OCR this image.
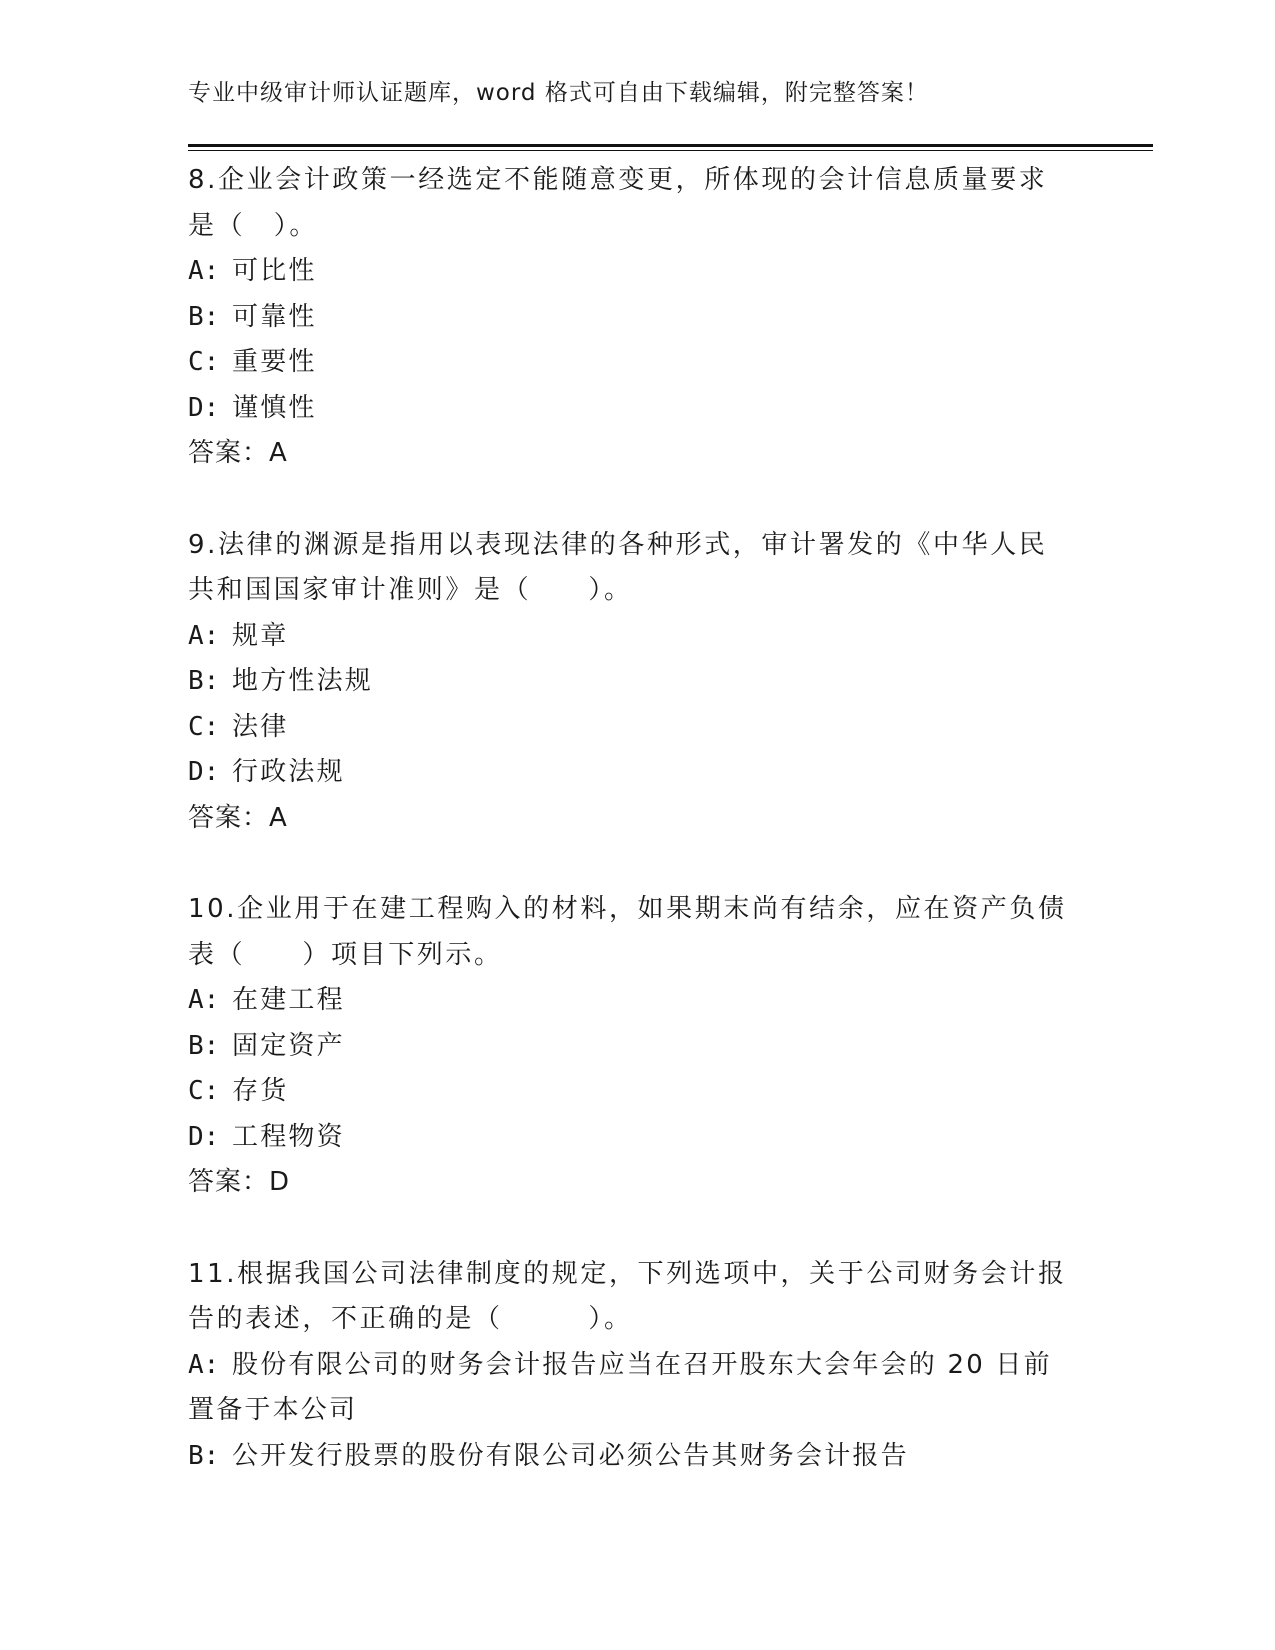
专业中级审计师认证题库，word 格式可自由下载编辑，附完整答案！
8.企业会计政策一经选定不能随意变更，所体现的会计信息质量要求
是（　）。
A: 可比性
B: 可靠性
C: 重要性
D: 谨慎性
答案：A
9.法律的渊源是指用以表现法律的各种形式，审计署发的《中华人民
共和国国家审计准则》是（　　）。
A: 规章
B: 地方性法规
C: 法律
D: 行政法规
答案：A
10.企业用于在建工程购入的材料，如果期末尚有结余，应在资产负债
表（　　）项目下列示。
A: 在建工程
B: 固定资产
C: 存货
D: 工程物资
答案：D
11.根据我国公司法律制度的规定，下列选项中，关于公司财务会计报
告的表述，不正确的是（　　　）。
A: 股份有限公司的财务会计报告应当在召开股东大会年会的 20 日前
置备于本公司
B: 公开发行股票的股份有限公司必须公告其财务会计报告
